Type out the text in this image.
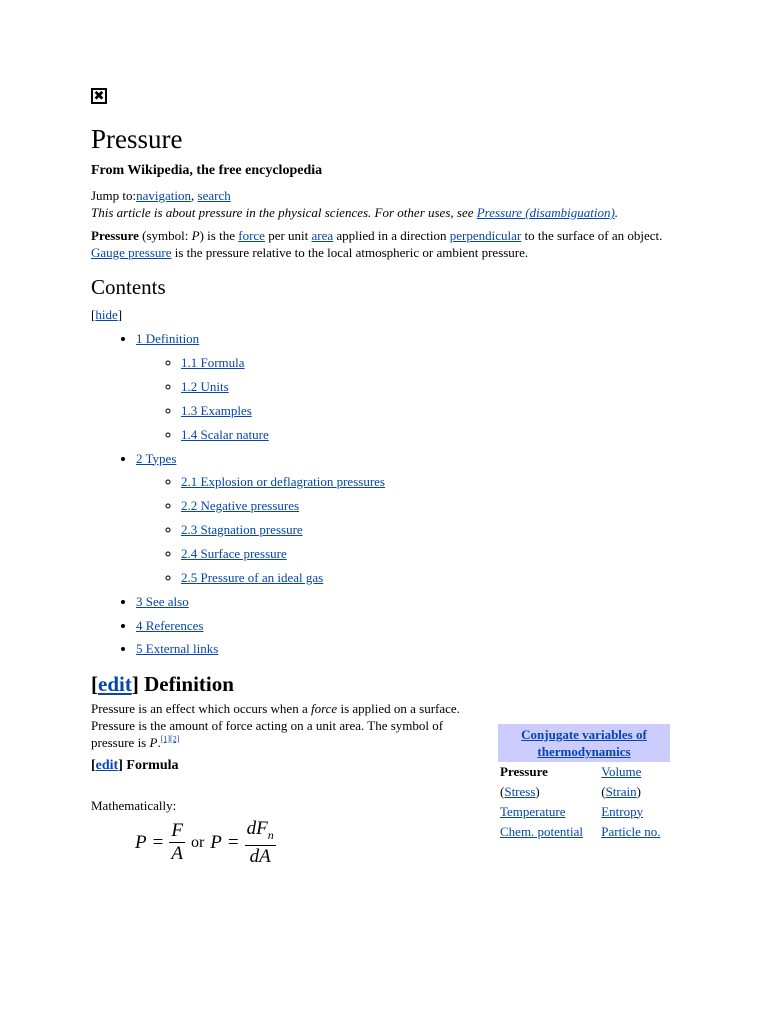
✖
Pressure
From Wikipedia, the free encyclopedia
Jump to:navigation, search
This article is about pressure in the physical sciences. For other uses, see Pressure (disambiguation).

Pressure (symbol: P) is the force per unit area applied in a direction perpendicular to the surface of an object. Gauge pressure is the pressure relative to the local atmospheric or ambient pressure.

Contents
[hide]
• 1 Definition
◦ 1.1 Formula
◦ 1.2 Units
◦ 1.3 Examples
◦ 1.4 Scalar nature
• 2 Types
◦ 2.1 Explosion or deflagration pressures
◦ 2.2 Negative pressures
◦ 2.3 Stagnation pressure
◦ 2.4 Surface pressure
◦ 2.5 Pressure of an ideal gas
• 3 See also
• 4 References
• 5 External links
[edit] Definition
Pressure is an effect which occurs when a force is applied on a surface. Pressure is the amount of force acting on a unit area. The symbol of pressure is P.[1][2]
[edit] Formula
Mathematically:
$P = \frac{F}{A}$ or $P = \frac{dF_n}{dA}$
Conjugate variables of thermodynamics	
Pressure	Volume
(Stress)	(Strain)
Temperature	Entropy
Chem. potential	Particle no.
